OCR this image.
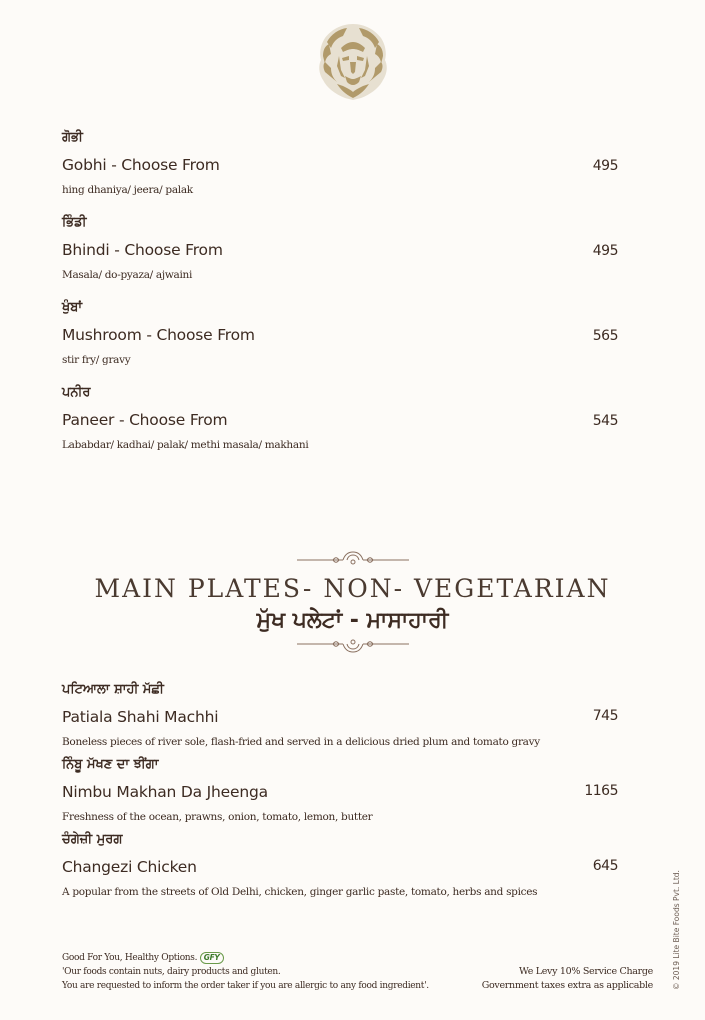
ਗੋਭੀ
Gobhi - Choose From	495
hing dhaniya/ jeera/ palak
ਭਿੰਡੀ
Bhindi - Choose From	495
Masala/ do-pyaza/ ajwaini
ਖੁੰਬਾਂ
Mushroom - Choose From	565
stir fry/ gravy
ਪਨੀਰ
Paneer - Choose From	545
Lababdar/ kadhai/ palak/ methi masala/ makhani
MAIN PLATES- NON- VEGETARIAN
ਮੁੱਖ ਪਲੇਟਾਂ - ਮਾਸਾਹਾਰੀ
ਪਟਿਆਲਾ ਸ਼ਾਹੀ ਮੱਛੀ
Patiala Shahi Machhi	745
Boneless pieces of river sole, flash-fried and served in a delicious dried plum and tomato gravy
ਨਿੰਬੂ ਮੱਖਣ ਦਾ ਝੀਂਗਾ
Nimbu Makhan Da Jheenga	1165
Freshness of the ocean, prawns, onion, tomato, lemon, butter
ਚੰਗੇਜ਼ੀ ਮੁਰਗ
Changezi Chicken	645
A popular from the streets of Old Delhi, chicken, ginger garlic paste, tomato, herbs and spices
Good For You, Healthy Options. GFY
'Our foods contain nuts, dairy products and gluten.
You are requested to inform the order taker if you are allergic to any food ingredient'.
We Levy 10% Service Charge
Government taxes extra as applicable	© 2019 Lite Bite Foods Pvt. Ltd.
